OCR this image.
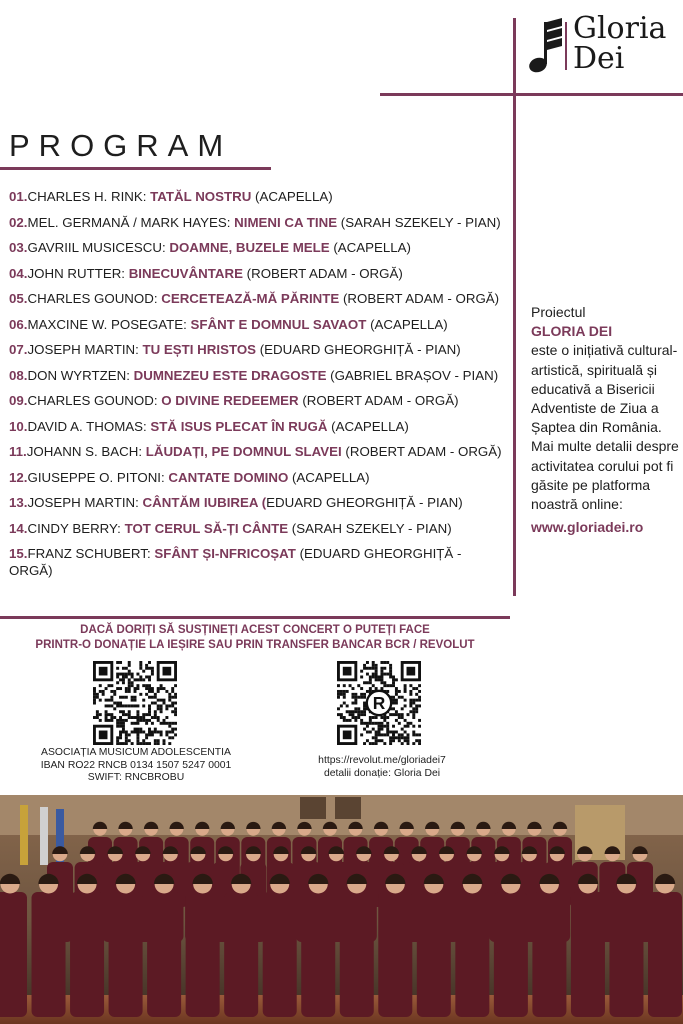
Gloria
Dei
PROGRAM
01.CHARLES H. RINK: TATĂL NOSTRU (ACAPELLA)
02.MEL. GERMANĂ / MARK HAYES: NIMENI CA TINE (SARAH SZEKELY - PIAN)
03.GAVRIIL MUSICESCU: DOAMNE, BUZELE MELE (ACAPELLA)
04.JOHN RUTTER: BINECUVÂNTARE (ROBERT ADAM - ORGĂ)
05.CHARLES GOUNOD: CERCETEAZĂ-MĂ PĂRINTE (ROBERT ADAM - ORGĂ)
06.MAXCINE W. POSEGATE: SFÂNT E DOMNUL SAVAOT (ACAPELLA)
07.JOSEPH MARTIN: TU EȘTI HRISTOS (EDUARD GHEORGHIȚĂ - PIAN)
08.DON WYRTZEN: DUMNEZEU ESTE DRAGOSTE (GABRIEL BRAȘOV - PIAN)
09.CHARLES GOUNOD: O DIVINE REDEEMER (ROBERT ADAM - ORGĂ)
10.DAVID A. THOMAS: STĂ ISUS PLECAT ÎN RUGĂ (ACAPELLA)
11.JOHANN S. BACH: LĂUDAȚI, PE DOMNUL SLAVEI (ROBERT ADAM - ORGĂ)
12.GIUSEPPE O. PITONI: CANTATE DOMINO (ACAPELLA)
13.JOSEPH MARTIN: CÂNTĂM IUBIREA (EDUARD GHEORGHIȚĂ - PIAN)
14.CINDY BERRY: TOT CERUL SĂ-ȚI CÂNTE (SARAH SZEKELY - PIAN)
15.FRANZ SCHUBERT: SFÂNT ȘI-NFRICOȘAT (EDUARD GHEORGHIȚĂ - ORGĂ)
Proiectul
GLORIA DEI
este o inițiativă cultural-artistică, spirituală și educativă a Bisericii Adventiste de Ziua a Șaptea din România. Mai multe detalii despre activitatea corului pot fi găsite pe platforma noastră online:
www.gloriadei.ro
DACĂ DORIȚI SĂ SUSȚINEȚI ACEST CONCERT O PUTEȚI FACE
PRINTR-O DONAȚIE LA IEȘIRE SAU PRIN TRANSFER BANCAR BCR / REVOLUT
R
ASOCIAȚIA MUSICUM ADOLESCENTIA
IBAN RO22 RNCB 0134 1507 5247 0001
SWIFT: RNCBROBU
https://revolut.me/gloriadei7
detalii donație: Gloria Dei
